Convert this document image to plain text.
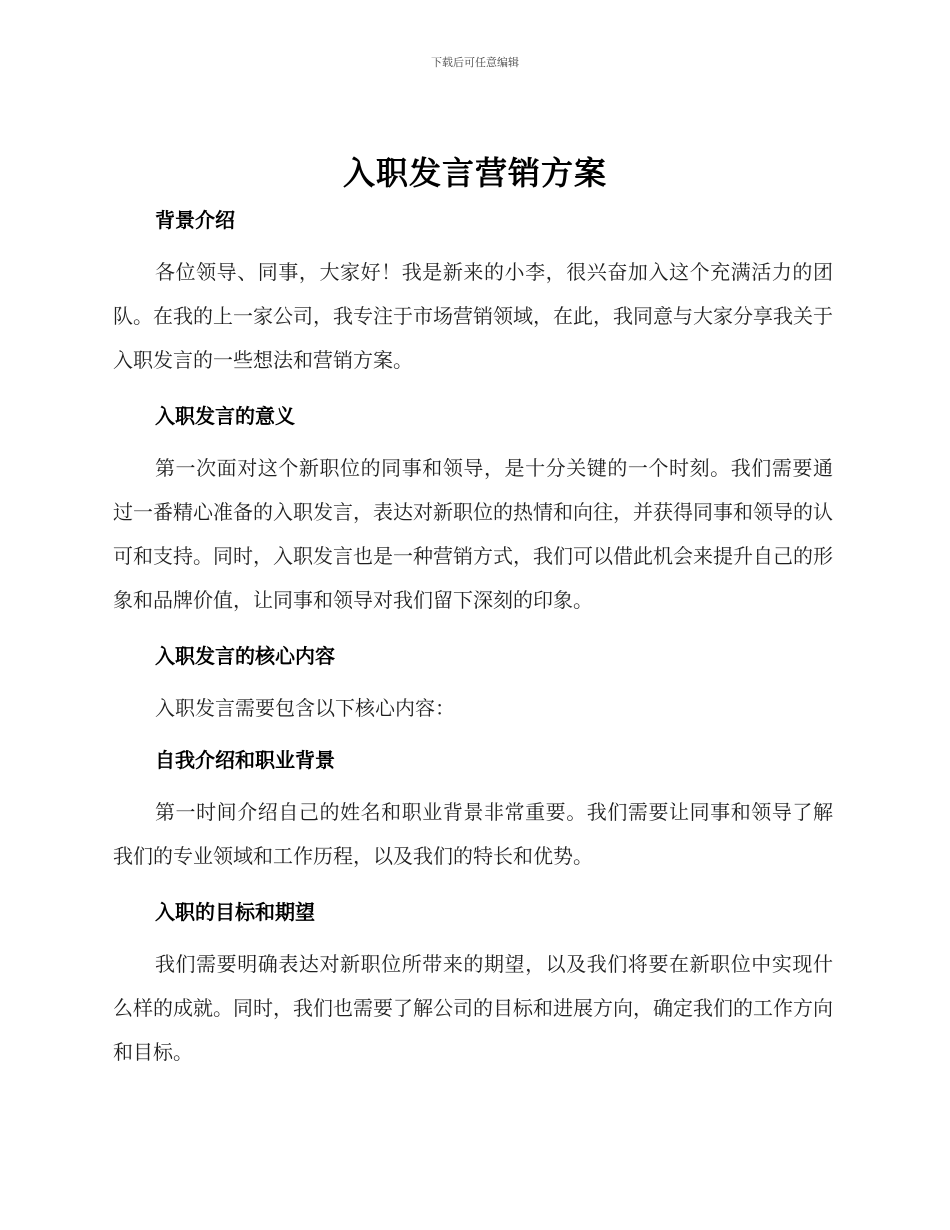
下载后可任意编辑
入职发言营销方案
背景介绍

各位领导、同事，大家好！我是新来的小李，很兴奋加入这个充满活力的团队。在我的上一家公司，我专注于市场营销领域，在此，我同意与大家分享我关于入职发言的一些想法和营销方案。

入职发言的意义

第一次面对这个新职位的同事和领导，是十分关键的一个时刻。我们需要通过一番精心准备的入职发言，表达对新职位的热情和向往，并获得同事和领导的认可和支持。同时，入职发言也是一种营销方式，我们可以借此机会来提升自己的形象和品牌价值，让同事和领导对我们留下深刻的印象。

入职发言的核心内容

入职发言需要包含以下核心内容：

自我介绍和职业背景

第一时间介绍自己的姓名和职业背景非常重要。我们需要让同事和领导了解我们的专业领域和工作历程，以及我们的特长和优势。

入职的目标和期望

我们需要明确表达对新职位所带来的期望，以及我们将要在新职位中实现什么样的成就。同时，我们也需要了解公司的目标和进展方向，确定我们的工作方向和目标。
